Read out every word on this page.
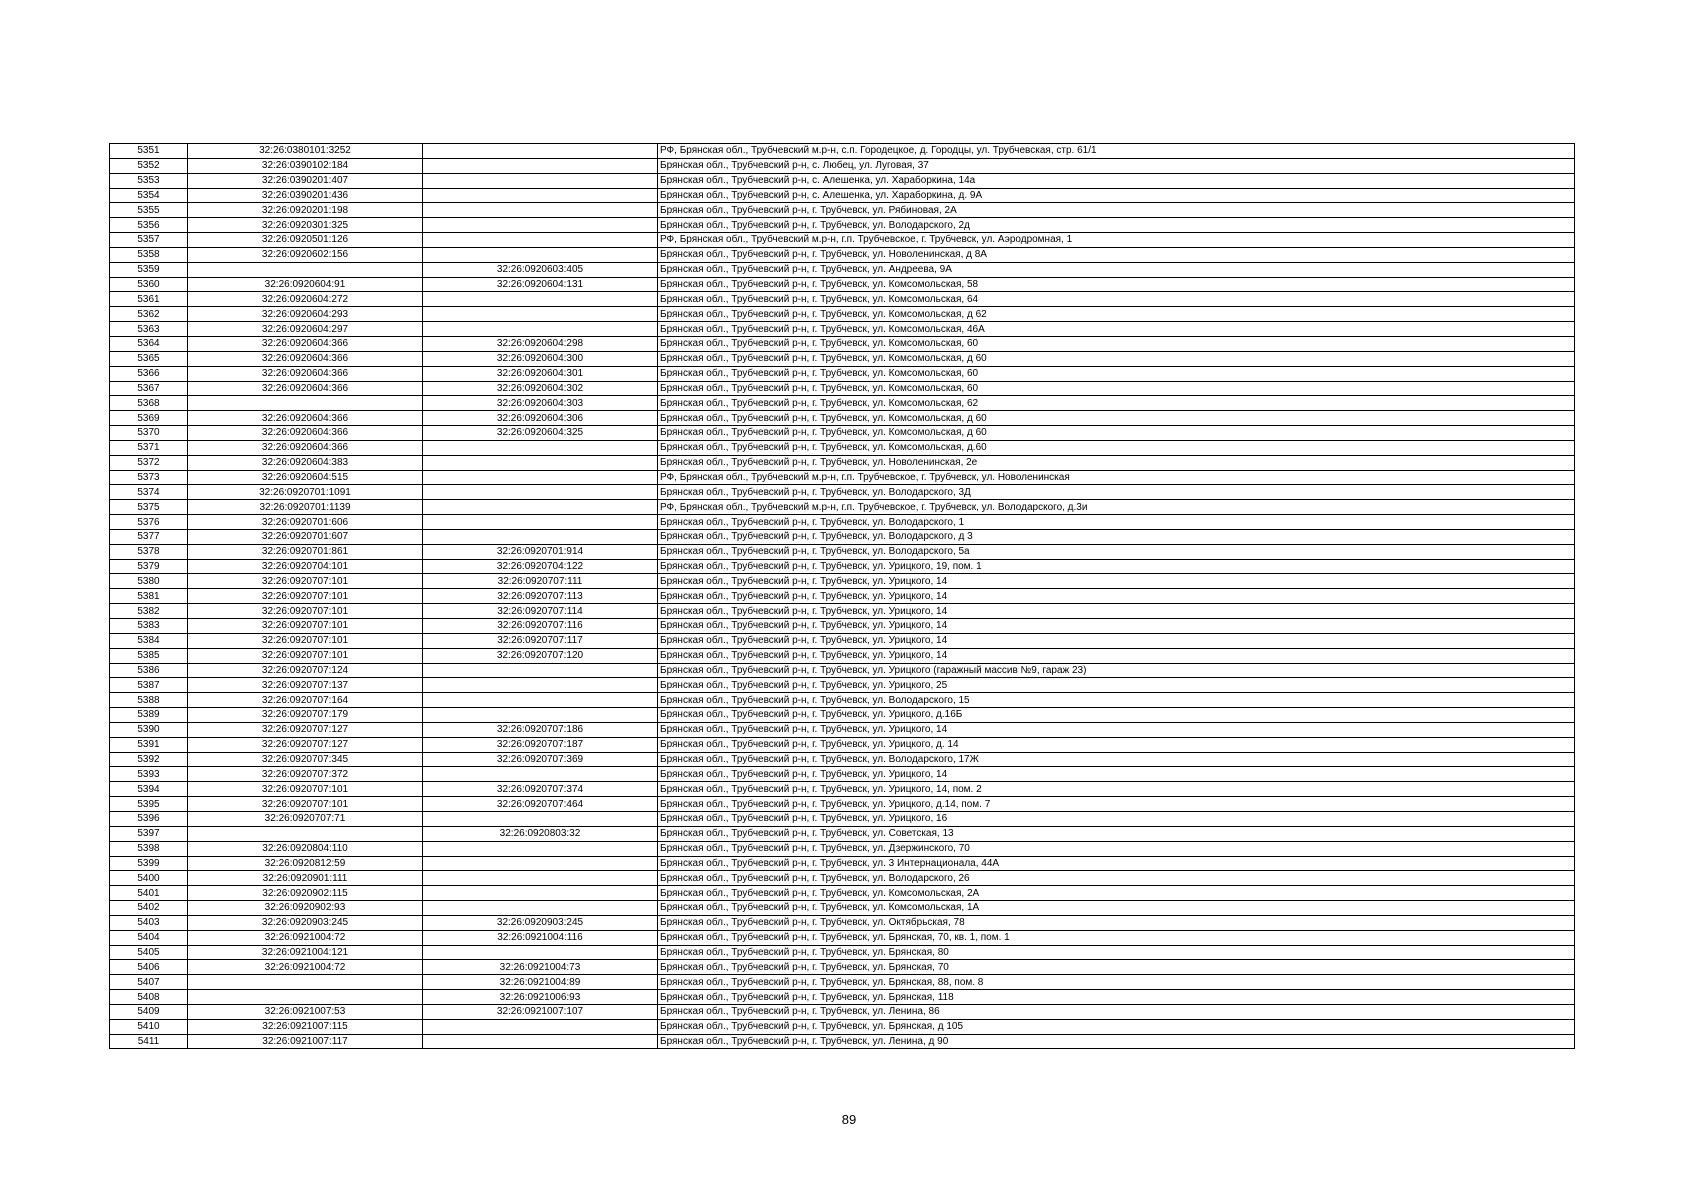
5351	32:26:0380101:3252		РФ, Брянская обл., Трубчевский м.р-н, с.п. Городецкое, д. Городцы, ул. Трубчевская, стр. 61/1
5352	32:26:0390102:184		Брянская обл., Трубчевский р-н, с. Любец, ул. Луговая, 37
5353	32:26:0390201:407		Брянская обл., Трубчевский р-н, с. Алешенка, ул. Хараборкина, 14а
5354	32:26:0390201:436		Брянская обл., Трубчевский р-н, с. Алешенка, ул. Хараборкина, д. 9А
5355	32:26:0920201:198		Брянская обл., Трубчевский р-н, г. Трубчевск, ул. Рябиновая, 2А
5356	32:26:0920301:325		Брянская обл., Трубчевский р-н, г. Трубчевск, ул. Володарского, 2д
5357	32:26:0920501:126		РФ, Брянская обл., Трубчевский м.р-н, г.п. Трубчевское, г. Трубчевск, ул. Аэродромная, 1
5358	32:26:0920602:156		Брянская обл., Трубчевский р-н, г. Трубчевск, ул. Новоленинская, д 8А
5359		32:26:0920603:405	Брянская обл., Трубчевский р-н, г. Трубчевск, ул. Андреева, 9А
5360	32:26:0920604:91	32:26:0920604:131	Брянская обл., Трубчевский р-н, г. Трубчевск, ул. Комсомольская, 58
5361	32:26:0920604:272		Брянская обл., Трубчевский р-н, г. Трубчевск, ул. Комсомольская, 64
5362	32:26:0920604:293		Брянская обл., Трубчевский р-н, г. Трубчевск, ул. Комсомольская, д 62
5363	32:26:0920604:297		Брянская обл., Трубчевский р-н, г. Трубчевск, ул. Комсомольская, 46А
5364	32:26:0920604:366	32:26:0920604:298	Брянская обл., Трубчевский р-н, г. Трубчевск, ул. Комсомольская, 60
5365	32:26:0920604:366	32:26:0920604:300	Брянская обл., Трубчевский р-н, г. Трубчевск, ул. Комсомольская, д 60
5366	32:26:0920604:366	32:26:0920604:301	Брянская обл., Трубчевский р-н, г. Трубчевск, ул. Комсомольская, 60
5367	32:26:0920604:366	32:26:0920604:302	Брянская обл., Трубчевский р-н, г. Трубчевск, ул. Комсомольская, 60
5368		32:26:0920604:303	Брянская обл., Трубчевский р-н, г. Трубчевск, ул. Комсомольская, 62
5369	32:26:0920604:366	32:26:0920604:306	Брянская обл., Трубчевский р-н, г. Трубчевск, ул. Комсомольская, д 60
5370	32:26:0920604:366	32:26:0920604:325	Брянская обл., Трубчевский р-н, г. Трубчевск, ул. Комсомольская, д 60
5371	32:26:0920604:366		Брянская обл., Трубчевский р-н, г. Трубчевск, ул. Комсомольская, д.60
5372	32:26:0920604:383		Брянская обл., Трубчевский р-н, г. Трубчевск, ул. Новоленинская, 2е
5373	32:26:0920604:515		РФ, Брянская обл., Трубчевский м.р-н, г.п. Трубчевское, г. Трубчевск, ул. Новоленинская
5374	32:26:0920701:1091		Брянская обл., Трубчевский р-н, г. Трубчевск, ул. Володарского, 3Д
5375	32:26:0920701:1139		РФ, Брянская обл., Трубчевский м.р-н, г.п. Трубчевское, г. Трубчевск, ул. Володарского, д.3и
5376	32:26:0920701:606		Брянская обл., Трубчевский р-н, г. Трубчевск, ул. Володарского, 1
5377	32:26:0920701:607		Брянская обл., Трубчевский р-н, г. Трубчевск, ул. Володарского, д 3
5378	32:26:0920701:861	32:26:0920701:914	Брянская обл., Трубчевский р-н, г. Трубчевск, ул. Володарского, 5а
5379	32:26:0920704:101	32:26:0920704:122	Брянская обл., Трубчевский р-н, г. Трубчевск, ул. Урицкого, 19, пом. 1
5380	32:26:0920707:101	32:26:0920707:111	Брянская обл., Трубчевский р-н, г. Трубчевск, ул. Урицкого, 14
5381	32:26:0920707:101	32:26:0920707:113	Брянская обл., Трубчевский р-н, г. Трубчевск, ул. Урицкого, 14
5382	32:26:0920707:101	32:26:0920707:114	Брянская обл., Трубчевский р-н, г. Трубчевск, ул. Урицкого, 14
5383	32:26:0920707:101	32:26:0920707:116	Брянская обл., Трубчевский р-н, г. Трубчевск, ул. Урицкого, 14
5384	32:26:0920707:101	32:26:0920707:117	Брянская обл., Трубчевский р-н, г. Трубчевск, ул. Урицкого, 14
5385	32:26:0920707:101	32:26:0920707:120	Брянская обл., Трубчевский р-н, г. Трубчевск, ул. Урицкого, 14
5386	32:26:0920707:124		Брянская обл., Трубчевский р-н, г. Трубчевск, ул. Урицкого (гаражный массив №9, гараж 23)
5387	32:26:0920707:137		Брянская обл., Трубчевский р-н, г. Трубчевск, ул. Урицкого, 25
5388	32:26:0920707:164		Брянская обл., Трубчевский р-н, г. Трубчевск, ул. Володарского, 15
5389	32:26:0920707:179		Брянская обл., Трубчевский р-н, г. Трубчевск, ул. Урицкого, д.16Б
5390	32:26:0920707:127	32:26:0920707:186	Брянская обл., Трубчевский р-н, г. Трубчевск, ул. Урицкого, 14
5391	32:26:0920707:127	32:26:0920707:187	Брянская обл., Трубчевский р-н, г. Трубчевск, ул. Урицкого, д. 14
5392	32:26:0920707:345	32:26:0920707:369	Брянская обл., Трубчевский р-н, г. Трубчевск, ул. Володарского, 17Ж
5393	32:26:0920707:372		Брянская обл., Трубчевский р-н, г. Трубчевск, ул. Урицкого, 14
5394	32:26:0920707:101	32:26:0920707:374	Брянская обл., Трубчевский р-н, г. Трубчевск, ул. Урицкого, 14, пом. 2
5395	32:26:0920707:101	32:26:0920707:464	Брянская обл., Трубчевский р-н, г. Трубчевск, ул. Урицкого, д.14, пом. 7
5396	32:26:0920707:71		Брянская обл., Трубчевский р-н, г. Трубчевск, ул. Урицкого, 16
5397		32:26:0920803:32	Брянская обл., Трубчевский р-н, г. Трубчевск, ул. Советская, 13
5398	32:26:0920804:110		Брянская обл., Трубчевский р-н, г. Трубчевск, ул. Дзержинского, 70
5399	32:26:0920812:59		Брянская обл., Трубчевский р-н, г. Трубчевск, ул. 3 Интернационала, 44А
5400	32:26:0920901:111		Брянская обл., Трубчевский р-н, г. Трубчевск, ул. Володарского, 26
5401	32:26:0920902:115		Брянская обл., Трубчевский р-н, г. Трубчевск, ул. Комсомольская, 2А
5402	32:26:0920902:93		Брянская обл., Трубчевский р-н, г. Трубчевск, ул. Комсомольская, 1А
5403	32:26:0920903:245	32:26:0920903:245	Брянская обл., Трубчевский р-н, г. Трубчевск, ул. Октябрьская, 78
5404	32:26:0921004:72	32:26:0921004:116	Брянская обл., Трубчевский р-н, г. Трубчевск, ул. Брянская, 70, кв. 1, пом. 1
5405	32:26:0921004:121		Брянская обл., Трубчевский р-н, г. Трубчевск, ул. Брянская, 80
5406	32:26:0921004:72	32:26:0921004:73	Брянская обл., Трубчевский р-н, г. Трубчевск, ул. Брянская, 70
5407		32:26:0921004:89	Брянская обл., Трубчевский р-н, г. Трубчевск, ул. Брянская, 88, пом. 8
5408		32:26:0921006:93	Брянская обл., Трубчевский р-н, г. Трубчевск, ул. Брянская, 118
5409	32:26:0921007:53	32:26:0921007:107	Брянская обл., Трубчевский р-н, г. Трубчевск, ул. Ленина, 86
5410	32:26:0921007:115		Брянская обл., Трубчевский р-н, г. Трубчевск, ул. Брянская, д 105
5411	32:26:0921007:117		Брянская обл., Трубчевский р-н, г. Трубчевск, ул. Ленина, д 90
89
